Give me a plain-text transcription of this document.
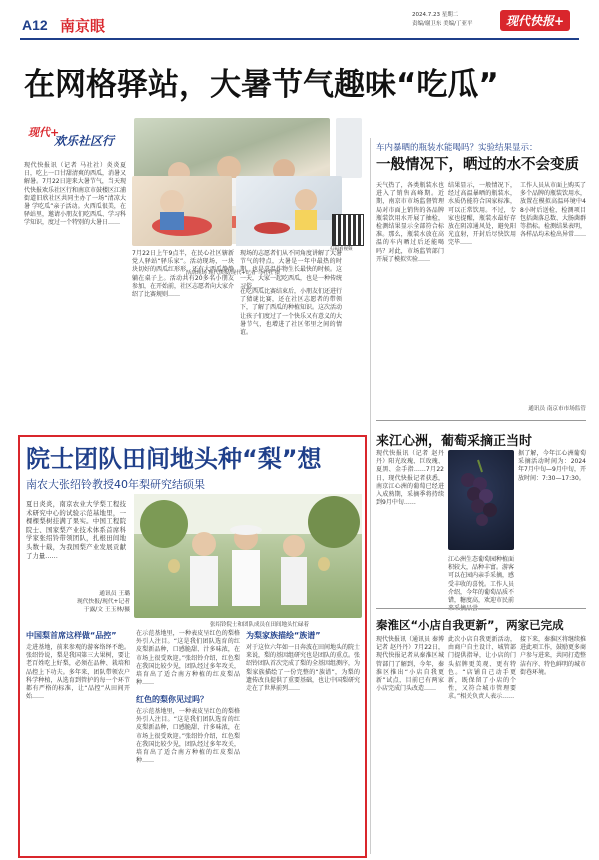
A12 南京眼
2024.7.23 星期二
责编/谢卫东 美编/丁亚平	现代快报+
在网格驿站，大暑节气趣味“吃瓜”
现代+
欢乐社区行
现代快报讯（记者 马社社）炎炎夏日，吃上一口甘甜清爽的西瓜，消暑又解暑。7月22日迎来大暑节气，当天现代快报欢乐社区行和南京市鼓楼区江浦街道旧欣社区共同主办了一场“清凉大暑 学吃瓜”亲子活动。火西瓜很美，在驿站里，邀请小朋友们吃西瓜、学习科学知识，度过一个特别的大暑日……
7月22日上午9点半，在民心社区辖新党人驿站“驿乐家”。活动现场，一块块切好的西瓜红形形，还有大西瓜静静躺在桌子上。活动共有20多名小朋友参加，在开始前，社区志愿者向大家介绍了比赛规则……
现场的志愿者们从不同角度讲解了大暑节气的特点，大暑是一年中最热的时期，也是喜温作物生长最快的时候。这一天，大家一起吃西瓜，也是一种传统习俗……
在吃西瓜比赛结束后，小朋友们还进行了猜谜比赛，还在社区志愿者的带领下，了解了西瓜的种植知识。这次活动让孩子们度过了一个快乐又有意义的大暑节气，也增进了社区邻里之间的情谊。
活动现场 现代快报/现代+记者 马社社 摄
扫码看视频
院士团队田间地头种“梨”想
南农大张绍铃教授40年梨研究结硕果
夏日炎炎，南京农业大学梨工程技术研究中心的试验示范基地里，一棵棵梨树挂满了果实。中国工程院院士、国家梨产业技术体系首席科学家张绍铃带领团队，扎根田间地头数十载，为我国梨产业发展贡献了力量……
通讯员 王璐
现代快报/现代+记者
于露/文 王玉林/摄
张绍铃院士和团队成员在田间地头忙碌着
中国梨首席这样做“品控”
走进基地，前来参观的游客络绎不绝。张绍铃说，梨是我国第三大果树，要让老百姓吃上好梨，必须在品种、栽培和品控上下功夫。多年来，团队带领农户科学种植，从选育到管护的每一个环节都有严格的标准，让“品控”从田间开始……
在示范基地里，一种表皮呈红色的梨格外引人注目。“这是我们团队选育的红皮梨新品种，口感脆甜、汁多味浓，在市场上很受欢迎。”张绍铃介绍，红色梨在我国比较少见，团队经过多年攻关，培育出了适合南方种植的红皮梨品种……
红色的梨你见过吗？
在示范基地里，一种表皮呈红色的梨格外引人注目。“这是我们团队选育的红皮梨新品种，口感脆甜、汁多味浓，在市场上很受欢迎。”张绍铃介绍，红色梨在我国比较少见，团队经过多年攻关，培育出了适合南方种植的红皮梨品种……
为梨家族描绘“族谱”
对于这位六年如一日奔波在田间地头的院士来说，梨的基因组研究也是团队的重点。张绍铃团队首次完成了梨的全基因组测序，为梨家族描绘了一份完整的“族谱”，为梨的遗传改良提供了重要基础，也让中国梨研究走在了世界前列……
车内暴晒的瓶装水能喝吗？实验结果显示：
一般情况下，晒过的水不会变质
天气热了，各类瓶装水也进入了销售高峰期。近期，南京市市场监督管理局对市面上销售的各品牌瓶装饮用水开展了抽检，检测结果显示全部符合标准。那么，瓶装水放在高温的车内晒过后还能喝吗？对此，市场监管部门开展了模拟实验……
结果显示，一般情况下，经过高温暴晒的瓶装水，水质仍能符合国家标准，可以正常饮用。不过，专家也提醒，瓶装水最好存放在阴凉通风处，避免阳光直射，开封后尽快饮用完毕……
工作人员从市面上购买了多个品牌的瓶装饮用水，放置在模拟高温环境中48小时后送检，检测项目包括菌落总数、大肠菌群等指标。检测结果表明，各样品均未检出异常……
通讯员 南京市市场监管
来江心洲，葡萄采摘正当时
现代快报讯（记者 赵丹丹）阳光玫瑰、巨玫瑰、夏黑、金手指……7月22日，现代快报记者获悉，南京江心洲的葡萄已经进入成熟期，采摘季将持续到9月中旬……
江心洲生态葡萄园种植面积较大，品种丰富。游客可以在园内亲手采摘，感受丰收的喜悦。工作人员介绍，今年的葡萄品质不错，糖度高，欢迎市民前
据了解，今年江心洲葡萄采摘活动时间为：2024年7月中旬—9月中旬，开放时间：7:30—17:30。
秦淮区“小店自我更新”，两家已完成
现代快报讯（通讯员 秦博 记者 赵丹丹）7月22日，现代快报记者从秦淮区城管部门了解到，今年，秦淮区推出“小店自我更新”试点，目前已有两家小店完成门头改造……
此次小店自我更新活动，由商户自主设计、城管部门提供指导，让小店的门头招牌更美观、更有特色。“店铺自己动手更新，既保留了小店的个性，又符合城市管理要求。”相关负责人表示……
接下来，秦淮区将继续推进此项工作，鼓励更多商户参与进来，共同打造整洁有序、特色鲜明的城市街巷环境。
